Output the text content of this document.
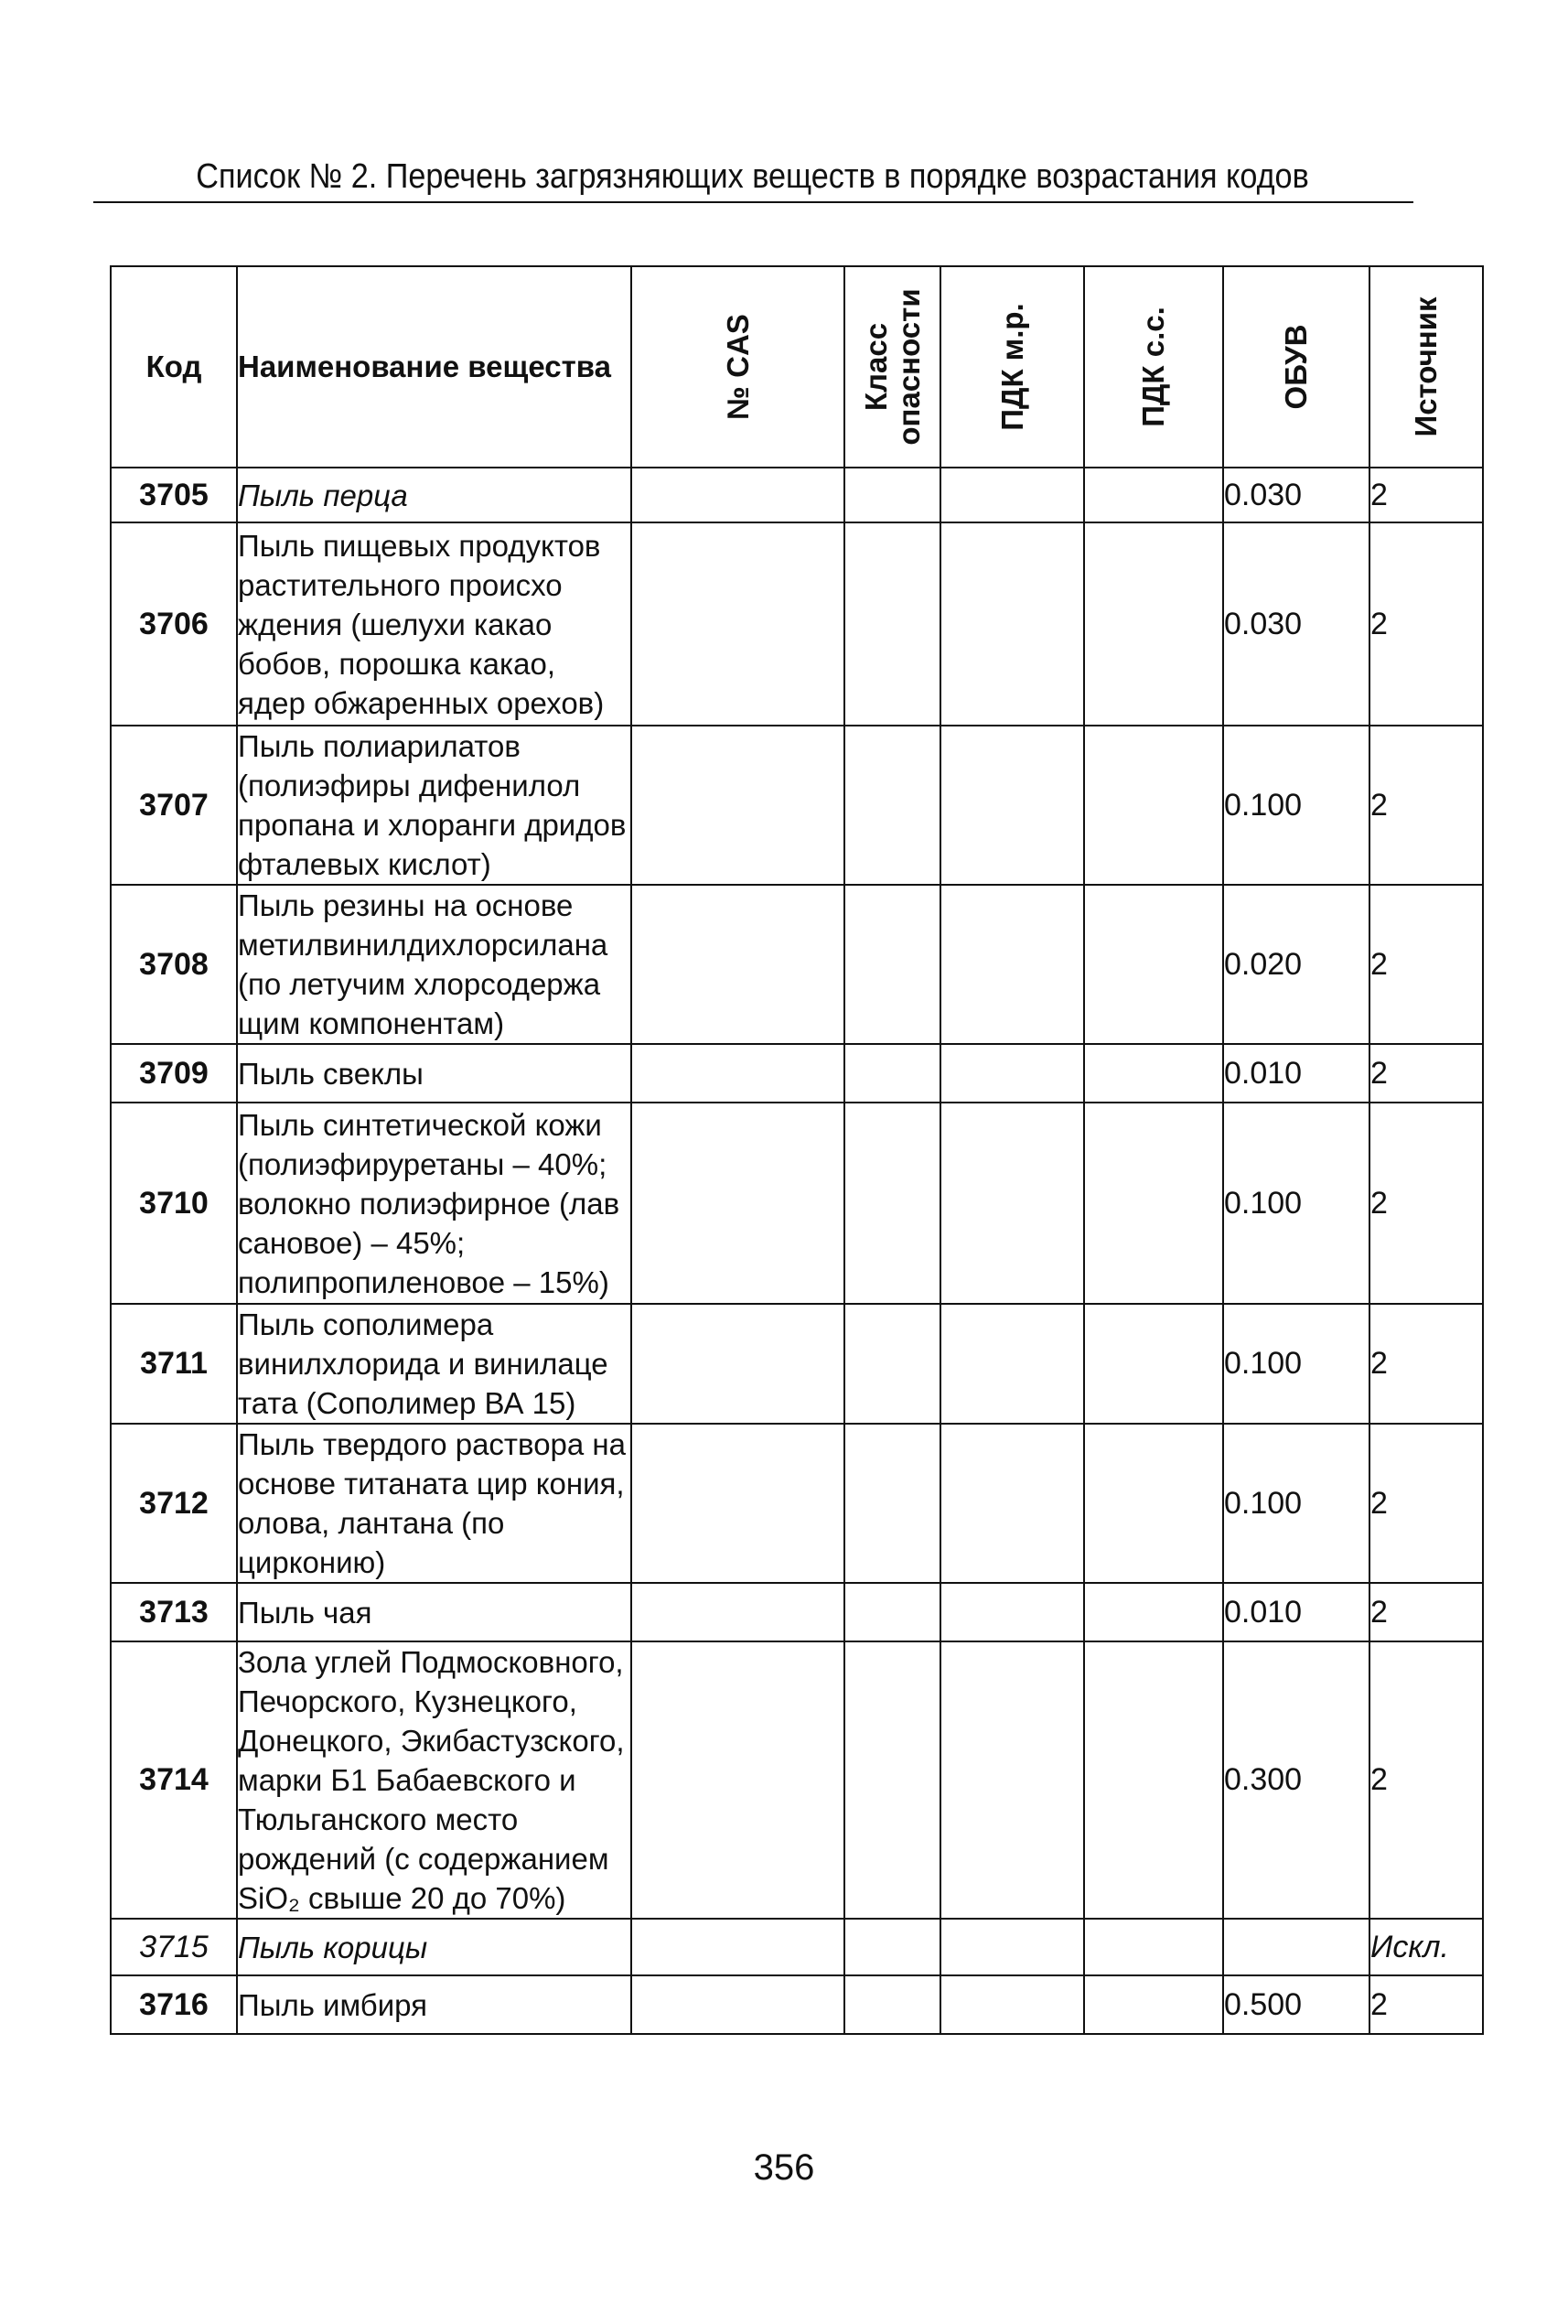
Список № 2. Перечень загрязняющих веществ в порядке возрастания кодов
Код	Наименование вещества	№ CAS	Класс опасности	ПДК м.р.	ПДК с.с.	ОБУВ	Источник

3705	Пыль перца					0.030	2
3706	Пыль пищевых продуктов растительного происхо ждения (шелухи какао бобов, порошка какао, ядер обжаренных орехов)					0.030	2
3707	Пыль полиарилатов (полиэфиры дифенилол пропана и хлоранги дридов фталевых кислот)					0.100	2
3708	Пыль резины на основе метилвинилдихлорсилана (по летучим хлорсодержа щим компонентам)					0.020	2
3709	Пыль свеклы					0.010	2
3710	Пыль синтетической кожи (полиэфируретаны – 40%; волокно полиэфирное (лав сановое) – 45%; полипропиленовое – 15%)					0.100	2
3711	Пыль сополимера винилхлорида и винилаце тата (Сополимер ВА 15)					0.100	2
3712	Пыль твердого раствора на основе титаната цир кония, олова, лантана (по цирконию)					0.100	2
3713	Пыль чая					0.010	2
3714	Зола углей Подмосковного, Печорского, Кузнецкого, Донецкого, Экибастузского, марки Б1 Бабаевского и Тюльганского место рождений (с содержанием SiO₂ свыше 20 до 70%)					0.300	2
3715	Пыль корицы						Искл.
3716	Пыль имбиря					0.500	2
356
